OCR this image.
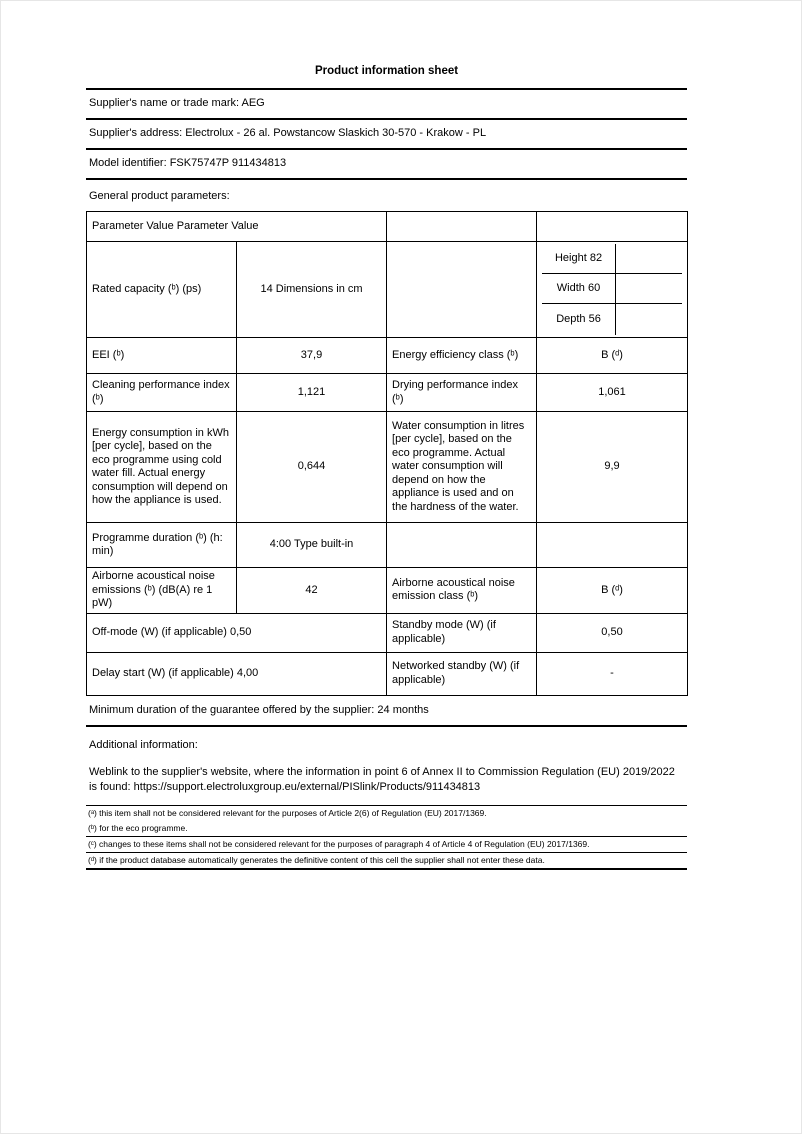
Product information sheet
Supplier's name or trade mark: AEG
Supplier's address: Electrolux - 26 al. Powstancow Slaskich 30-570 - Krakow - PL
Model identifier: FSK75747P 911434813
General product parameters:
Parameter Value Parameter Value			
Rated capacity (ᵇ) (ps)	14 Dimensions in cm		Height 82
Width 60
Depth 56

EEI (ᵇ)	37,9	Energy efficiency class (ᵇ)	B (ᵈ)
Cleaning performance index (ᵇ)	1,121	Drying performance index (ᵇ)	1,061
Energy consumption in kWh [per cycle], based on the eco programme using cold water fill. Actual energy consumption will depend on how the appliance is used.	0,644	Water consumption in litres [per cycle], based on the eco programme. Actual water consumption will depend on how the appliance is used and on the hardness of the water.	9,9
Programme duration (ᵇ) (h: min)	4:00 Type built-in		
Airborne acoustical noise emissions (ᵇ) (dB(A) re 1 pW)	42	Airborne acoustical noise emission class (ᵇ)	B (ᵈ)
Off-mode (W) (if applicable) 0,50		Standby mode (W) (if applicable)	0,50
Delay start (W) (if applicable) 4,00		Networked standby (W) (if applicable)	-
Minimum duration of the guarantee offered by the supplier: 24 months
Additional information:
Weblink to the supplier's website, where the information in point 6 of Annex II to Commission Regulation (EU) 2019/2022 is found: https://support.electroluxgroup.eu/external/PISlink/Products/911434813
(ᵃ) this item shall not be considered relevant for the purposes of Article 2(6) of Regulation (EU) 2017/1369.
(ᵇ) for the eco programme.
(ᶜ) changes to these items shall not be considered relevant for the purposes of paragraph 4 of Article 4 of Regulation (EU) 2017/1369.
(ᵈ) if the product database automatically generates the definitive content of this cell the supplier shall not enter these data.
